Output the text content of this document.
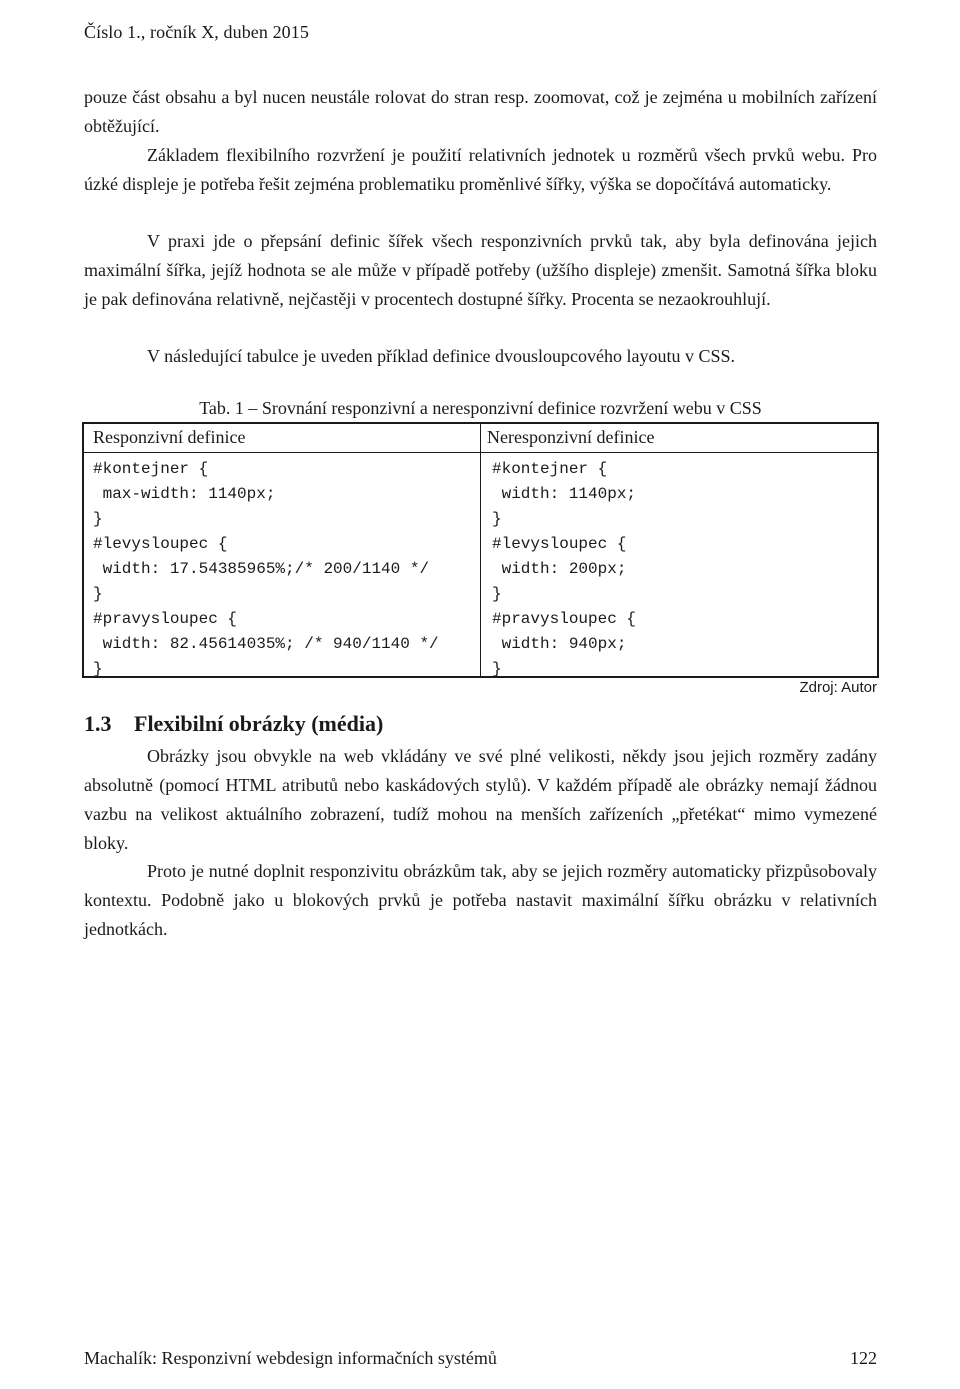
Číslo 1., ročník X, duben 2015

pouze část obsahu a byl nucen neustále rolovat do stran resp. zoomovat, což je zejména u mobilních zařízení obtěžující.

Základem flexibilního rozvržení je použití relativních jednotek u rozměrů všech prvků webu. Pro úzké displeje je potřeba řešit zejména problematiku proměnlivé šířky, výška se dopočítává automaticky.

V praxi jde o přepsání definic šířek všech responzivních prvků tak, aby byla definována jejich maximální šířka, jejíž hodnota se ale může v případě potřeby (užšího displeje) zmenšit. Samotná šířka bloku je pak definována relativně, nejčastěji v procentech dostupné šířky. Procenta se nezaokrouhlují.

V následující tabulce je uveden příklad definice dvousloupcového layoutu v CSS.

Tab. 1 – Srovnání responzivní a neresponzivní definice rozvržení webu v CSS
Responzivní definice	Neresponzivní definice
#kontejner {
max-width: 1140px;
}
#levysloupec {
width: 17.54385965%;/* 200/1140 */
}
#pravysloupec {
width: 82.45614035%; /* 940/1140 */
}
#kontejner {
width: 1140px;
}
#levysloupec {
width: 200px;
}
#pravysloupec {
width: 940px;
}
Zdroj: Autor
1.3 Flexibilní obrázky (média)

Obrázky jsou obvykle na web vkládány ve své plné velikosti, někdy jsou jejich rozměry zadány absolutně (pomocí HTML atributů nebo kaskádových stylů). V každém případě ale obrázky nemají žádnou vazbu na velikost aktuálního zobrazení, tudíž mohou na menších zařízeních „přetékat“ mimo vymezené bloky.

Proto je nutné doplnit responzivitu obrázkům tak, aby se jejich rozměry automaticky přizpůsobovaly kontextu. Podobně jako u blokových prvků je potřeba nastavit maximální šířku obrázku v relativních jednotkách.

Machalík: Responzivní webdesign informačních systémů	122
